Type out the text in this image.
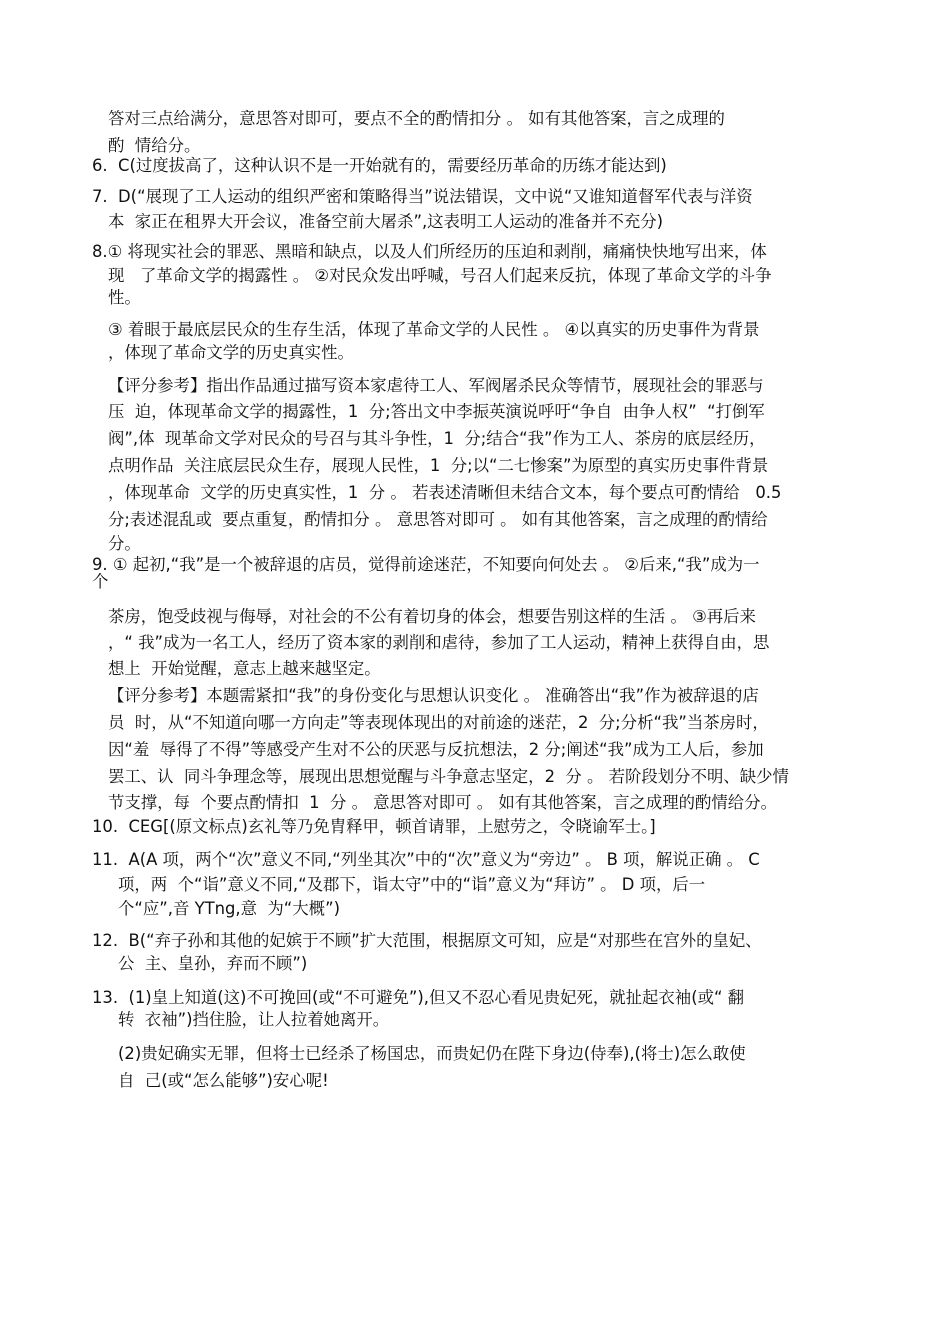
答对三点给满分，意思答对即可，要点不全的酌情扣分 。 如有其他答案，言之成理的

酌  情给分。

6.  C(过度拔高了，这种认识不是一开始就有的，需要经历革命的历练才能达到)

7.  D(“展现了工人运动的组织严密和策略得当”说法错误，文中说“又谁知道督军代表与洋资

本  家正在租界大开会议，准备空前大屠杀”,这表明工人运动的准备并不充分)

8.① 将现实社会的罪恶、黑暗和缺点，以及人们所经历的压迫和剥削，痛痛快快地写出来，体

现   了革命文学的揭露性 。 ②对民众发出呼喊，号召人们起来反抗，体现了革命文学的斗争

性。

③ 着眼于最底层民众的生存生活，体现了革命文学的人民性 。 ④以真实的历史事件为背景

，体现了革命文学的历史真实性。

【评分参考】指出作品通过描写资本家虐待工人、军阀屠杀民众等情节，展现社会的罪恶与

压  迫，体现革命文学的揭露性，1  分;答出文中李振英演说呼吁“争自  由争人权”  “打倒军

阀”,体  现革命文学对民众的号召与其斗争性，1  分;结合“我”作为工人、茶房的底层经历，

点明作品  关注底层民众生存，展现人民性，1  分;以“二七惨案”为原型的真实历史事件背景

，体现革命  文学的历史真实性，1  分 。 若表述清晰但未结合文本，每个要点可酌情给   0.5

分;表述混乱或  要点重复，酌情扣分 。 意思答对即可 。 如有其他答案，言之成理的酌情给

分。

9. ① 起初,“我”是一个被辞退的店员，觉得前途迷茫，不知要向何处去 。 ②后来,“我”成为一

个

茶房，饱受歧视与侮辱，对社会的不公有着切身的体会，想要告别这样的生活 。 ③再后来

，“ 我”成为一名工人，经历了资本家的剥削和虐待，参加了工人运动，精神上获得自由，思

想上  开始觉醒，意志上越来越坚定。

【评分参考】本题需紧扣“我”的身份变化与思想认识变化 。 准确答出“我”作为被辞退的店

员  时，从“不知道向哪一方向走”等表现体现出的对前途的迷茫，2  分;分析“我”当茶房时，

因“羞  辱得了不得”等感受产生对不公的厌恶与反抗想法，2 分;阐述“我”成为工人后，参加

罢工、认  同斗争理念等，展现出思想觉醒与斗争意志坚定，2  分 。 若阶段划分不明、缺少情

节支撑，每  个要点酌情扣  1  分 。 意思答对即可 。 如有其他答案，言之成理的酌情给分。

10.  CEG[(原文标点)玄礼等乃免胄释甲，顿首请罪，上慰劳之，令晓谕军士。]

11.  A(A 项，两个“次”意义不同,“列坐其次”中的“次”意义为“旁边” 。 B 项，解说正确 。 C

项，两  个“诣”意义不同,“及郡下，诣太守”中的“诣”意义为“拜访” 。 D 项，后一

个“应”,音 YTng,意  为“大概”)

12.  B(“弃子孙和其他的妃嫔于不顾”扩大范围，根据原文可知，应是“对那些在宫外的皇妃、

公  主、皇孙，弃而不顾”)

13.  (1)皇上知道(这)不可挽回(或“不可避免”),但又不忍心看见贵妃死，就扯起衣袖(或“ 翻

转  衣袖”)挡住脸，让人拉着她离开。

(2)贵妃确实无罪，但将士已经杀了杨国忠，而贵妃仍在陛下身边(侍奉),(将士)怎么敢使

自  己(或“怎么能够”)安心呢!
